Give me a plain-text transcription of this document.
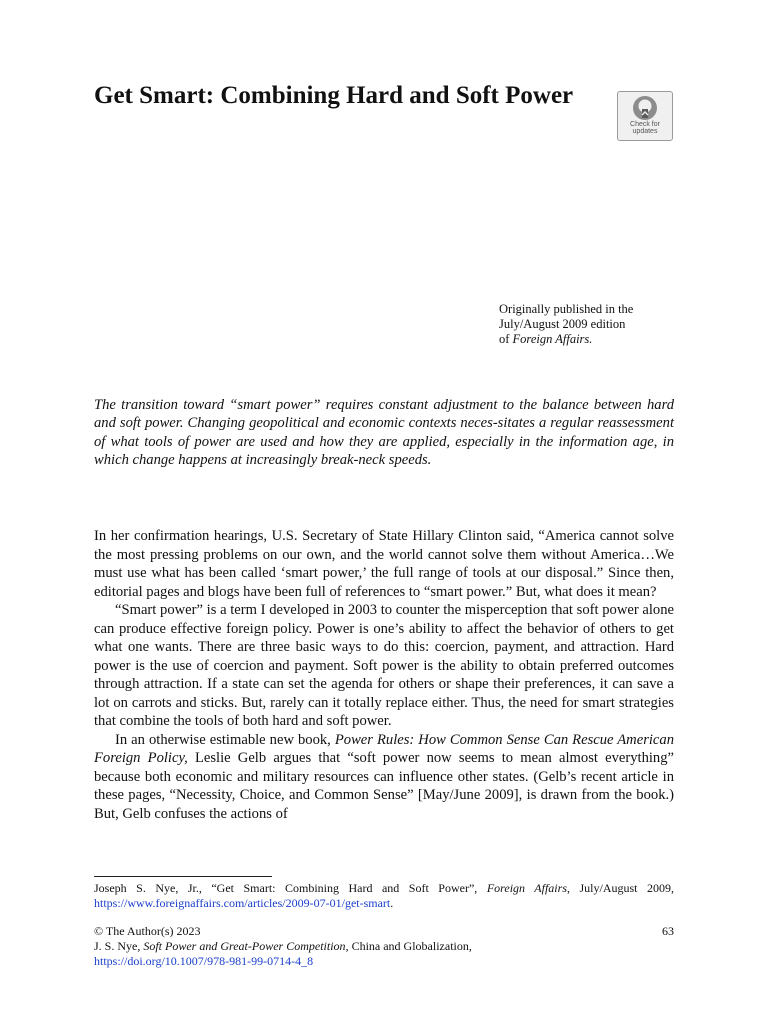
Get Smart: Combining Hard and Soft Power
Check for
updates
Originally published in the
July/August 2009 edition
of Foreign Affairs.

The transition toward “smart power” requires constant adjustment to the balance between hard and soft power. Changing geopolitical and economic contexts neces-sitates a regular reassessment of what tools of power are used and how they are applied, especially in the information age, in which change happens at increasingly break-neck speeds.

In her confirmation hearings, U.S. Secretary of State Hillary Clinton said, “America cannot solve the most pressing problems on our own, and the world cannot solve them without America…We must use what has been called ‘smart power,’ the full range of tools at our disposal.” Since then, editorial pages and blogs have been full of references to “smart power.” But, what does it mean?

“Smart power” is a term I developed in 2003 to counter the misperception that soft power alone can produce effective foreign policy. Power is one’s ability to affect the behavior of others to get what one wants. There are three basic ways to do this: coercion, payment, and attraction. Hard power is the use of coercion and payment. Soft power is the ability to obtain preferred outcomes through attraction. If a state can set the agenda for others or shape their preferences, it can save a lot on carrots and sticks. But, rarely can it totally replace either. Thus, the need for smart strategies that combine the tools of both hard and soft power.

In an otherwise estimable new book, Power Rules: How Common Sense Can Rescue American Foreign Policy, Leslie Gelb argues that “soft power now seems to mean almost everything” because both economic and military resources can influence other states. (Gelb’s recent article in these pages, “Necessity, Choice, and Common Sense” [May/June 2009], is drawn from the book.) But, Gelb confuses the actions of

Joseph S. Nye, Jr., “Get Smart: Combining Hard and Soft Power”, Foreign Affairs, July/August 2009, https://www.foreignaffairs.com/articles/2009-07-01/get-smart.
© The Author(s) 2023
J. S. Nye, Soft Power and Great-Power Competition, China and Globalization,
https://doi.org/10.1007/978-981-99-0714-4_8
63
